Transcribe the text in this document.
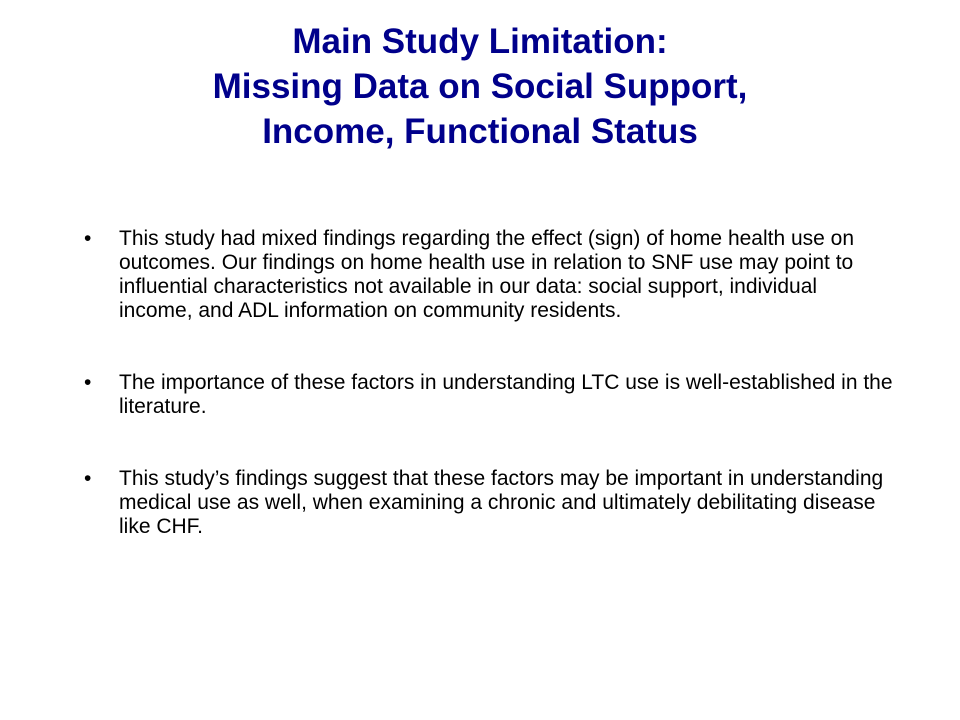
Main Study Limitation:
Missing Data on Social Support,
Income, Functional Status
•	This study had mixed findings regarding the effect (sign) of home health use on outcomes. Our findings on home health use in relation to SNF use may point to influential characteristics not available in our data: social support, individual income, and ADL information on community residents.
•	The importance of these factors in understanding LTC use is well-established in the literature.
•	This study’s findings suggest that these factors may be important in understanding medical use as well, when examining a chronic and ultimately debilitating disease like CHF.
